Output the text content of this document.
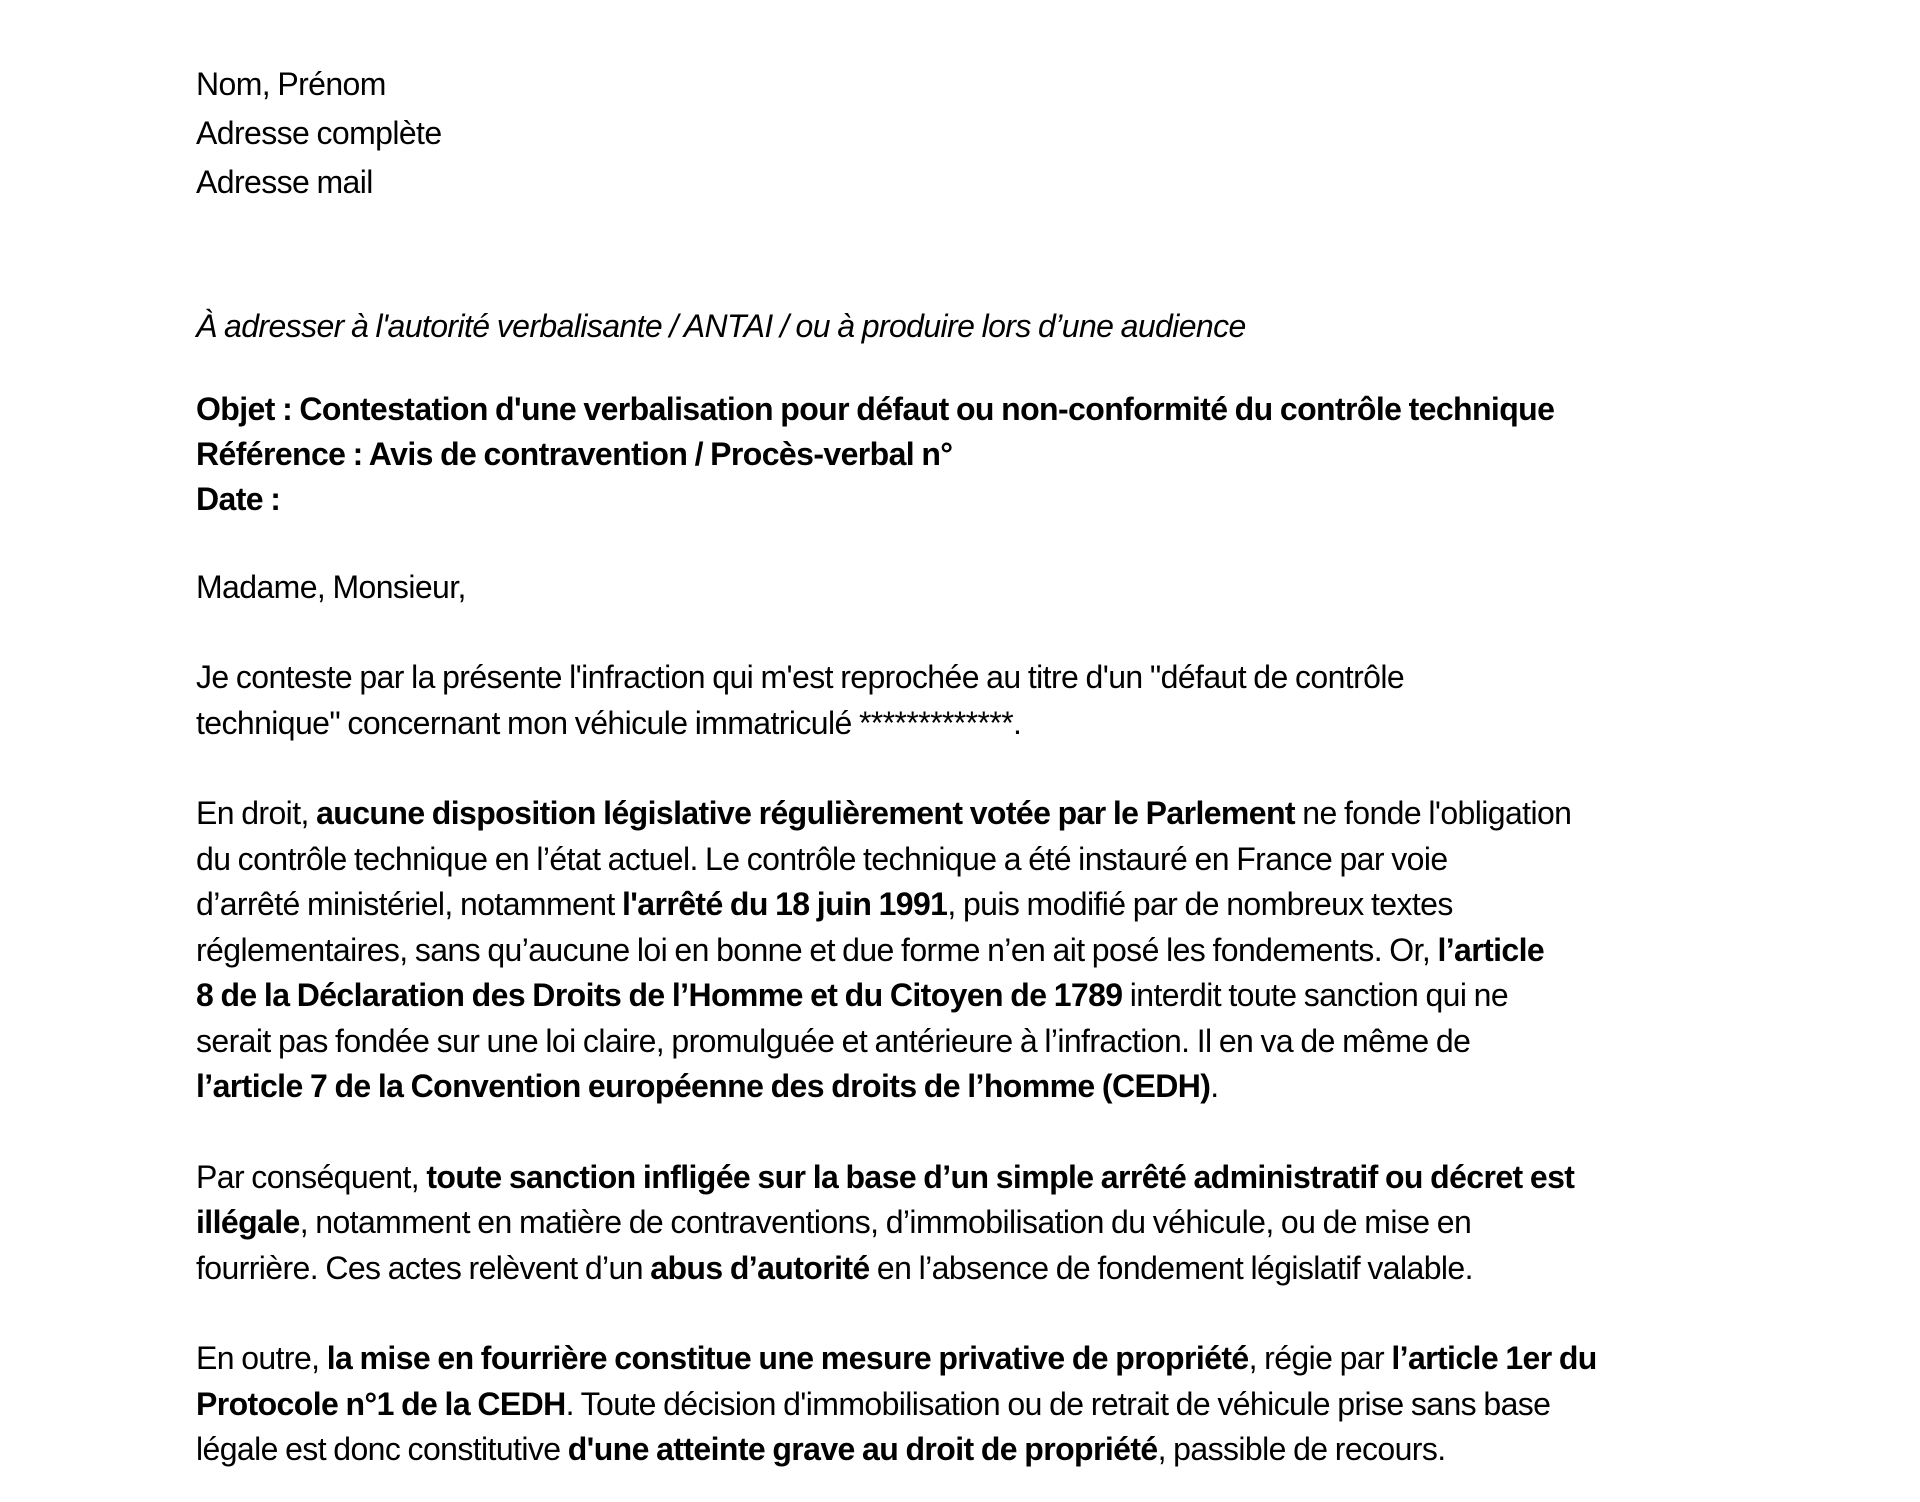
Nom, Prénom

Adresse complète

Adresse mail

À adresser à l'autorité verbalisante / ANTAI / ou à produire lors d’une audience

Objet : Contestation d'une verbalisation pour défaut ou non-conformité du contrôle technique

Référence : Avis de contravention / Procès-verbal n°

Date :

Madame, Monsieur,

Je conteste par la présente l'infraction qui m'est reprochée au titre d'un "défaut de contrôle

technique" concernant mon véhicule immatriculé *************.

En droit, aucune disposition législative régulièrement votée par le Parlement ne fonde l'obligation

du contrôle technique en l’état actuel. Le contrôle technique a été instauré en France par voie

d’arrêté ministériel, notamment l'arrêté du 18 juin 1991, puis modifié par de nombreux textes

réglementaires, sans qu’aucune loi en bonne et due forme n’en ait posé les fondements. Or, l’article

8 de la Déclaration des Droits de l’Homme et du Citoyen de 1789 interdit toute sanction qui ne

serait pas fondée sur une loi claire, promulguée et antérieure à l’infraction. Il en va de même de

l’article 7 de la Convention européenne des droits de l’homme (CEDH).

Par conséquent, toute sanction infligée sur la base d’un simple arrêté administratif ou décret est

illégale, notamment en matière de contraventions, d’immobilisation du véhicule, ou de mise en

fourrière. Ces actes relèvent d’un abus d’autorité en l’absence de fondement législatif valable.

En outre, la mise en fourrière constitue une mesure privative de propriété, régie par l’article 1er du

Protocole n°1 de la CEDH. Toute décision d'immobilisation ou de retrait de véhicule prise sans base

légale est donc constitutive d'une atteinte grave au droit de propriété, passible de recours.
